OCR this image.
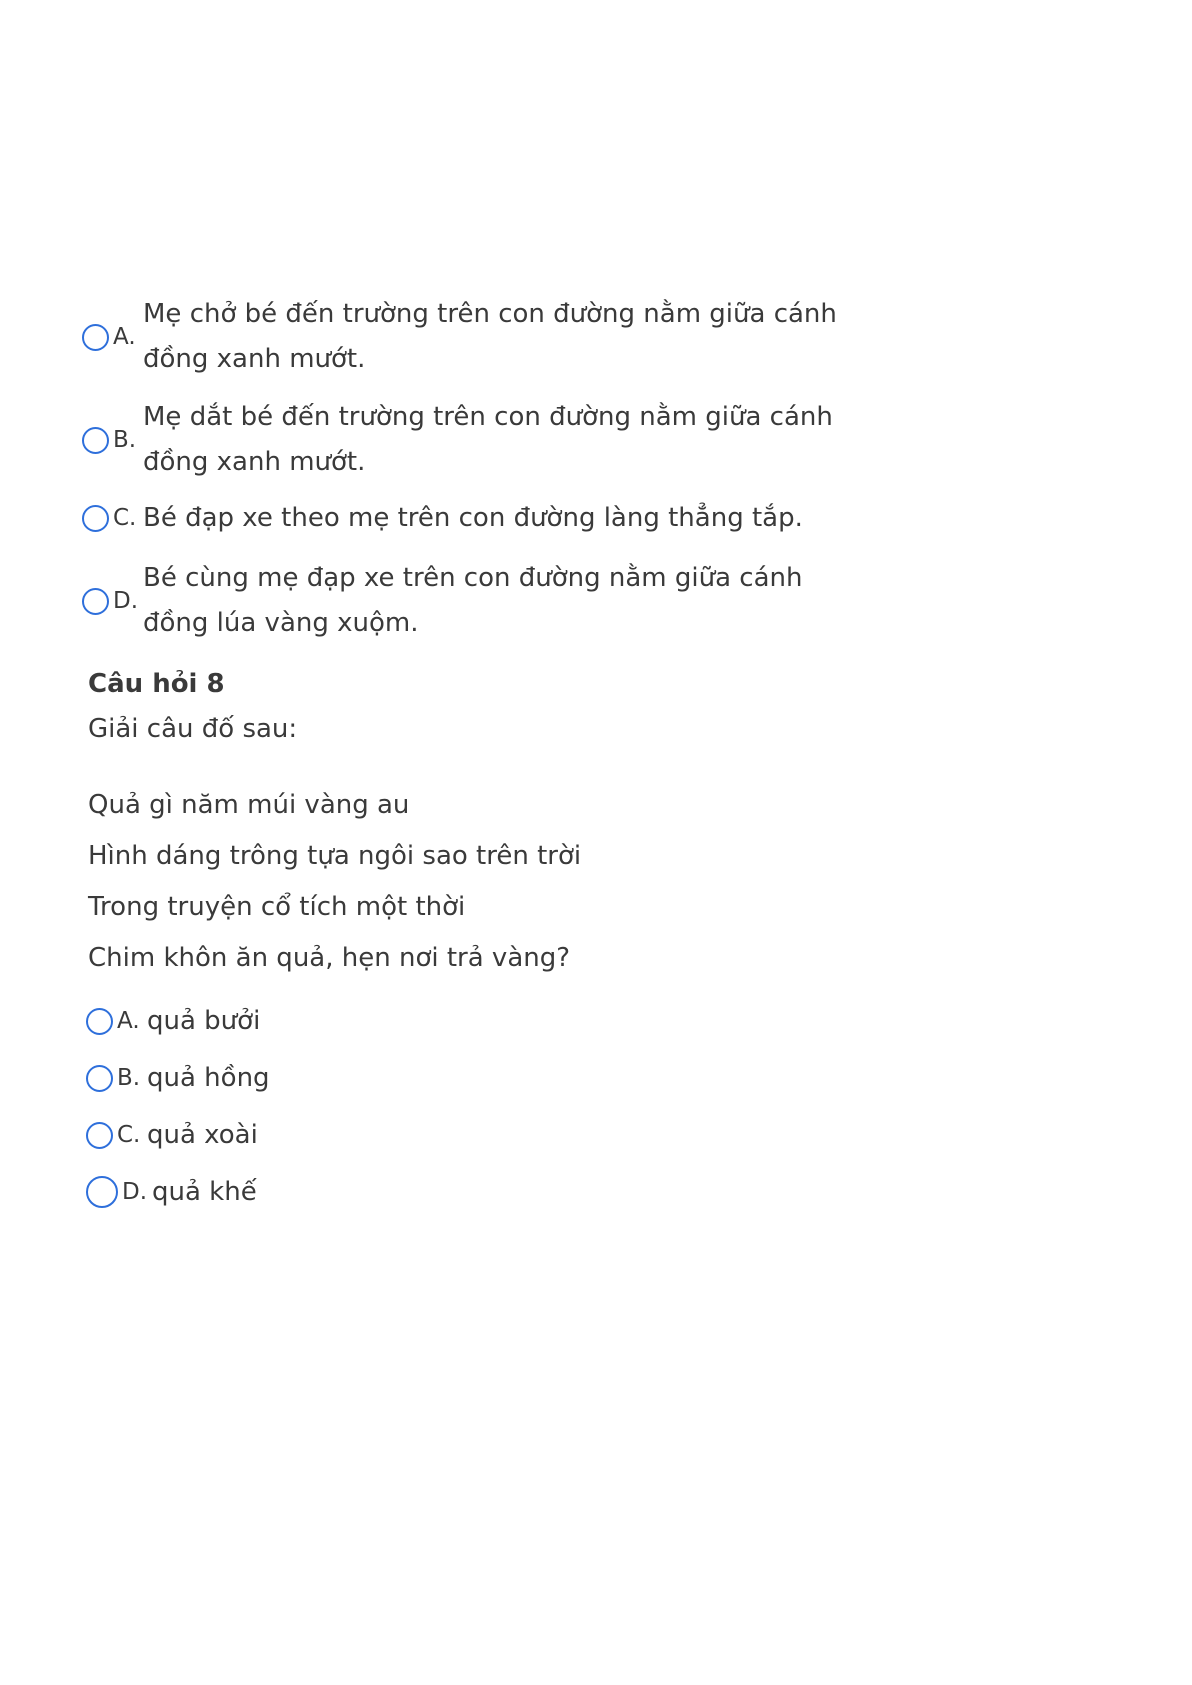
A.
Mẹ chở bé đến trường trên con đường nằm giữa cánh đồng xanh mướt.
B.
Mẹ dắt bé đến trường trên con đường nằm giữa cánh đồng xanh mướt.
C. Bé đạp xe theo mẹ trên con đường làng thẳng tắp.
D.
Bé cùng mẹ đạp xe trên con đường nằm giữa cánh đồng lúa vàng xuộm.
Câu hỏi 8
Giải câu đố sau:
Quả gì năm múi vàng au
Hình dáng trông tựa ngôi sao trên trời
Trong truyện cổ tích một thời
Chim khôn ăn quả, hẹn nơi trả vàng?
A. quả bưởi
B. quả hồng
C. quả xoài
D. quả khế
